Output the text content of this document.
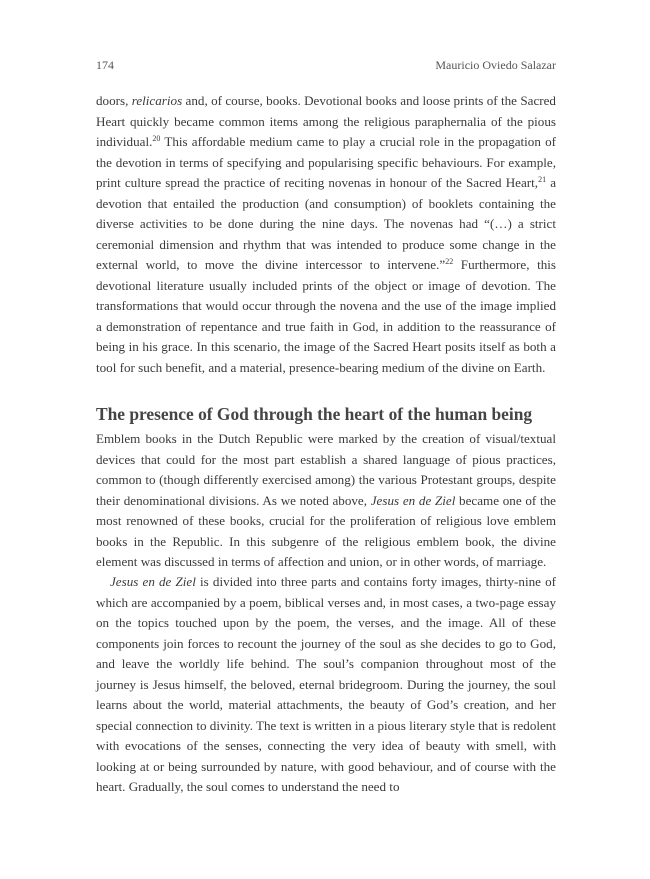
174	Mauricio Oviedo Salazar

doors, relicarios and, of course, books. Devotional books and loose prints of the Sacred Heart quickly became common items among the religious paraphernalia of the pious individual.$^{20}$ This affordable medium came to play a crucial role in the propagation of the devotion in terms of specifying and popularising specific behaviours. For example, print culture spread the practice of reciting novenas in honour of the Sacred Heart,$^{21}$ a devotion that entailed the production (and consumption) of booklets containing the diverse activities to be done during the nine days. The novenas had “(…) a strict ceremonial dimension and rhythm that was intended to produce some change in the external world, to move the divine intercessor to intervene.”$^{22}$ Furthermore, this devotional literature usually included prints of the object or image of devotion. The transformations that would occur through the novena and the use of the image implied a demonstration of repentance and true faith in God, in addition to the reassurance of being in his grace. In this scenario, the image of the Sacred Heart posits itself as both a tool for such benefit, and a material, presence-bearing medium of the divine on Earth.

The presence of God through the heart of the human being

Emblem books in the Dutch Republic were marked by the creation of visual/textual devices that could for the most part establish a shared language of pious practices, common to (though differently exercised among) the various Protestant groups, despite their denominational divisions. As we noted above, Jesus en de Ziel became one of the most renowned of these books, crucial for the proliferation of religious love emblem books in the Republic. In this subgenre of the religious emblem book, the divine element was discussed in terms of affection and union, or in other words, of marriage.

Jesus en de Ziel is divided into three parts and contains forty images, thirty-nine of which are accompanied by a poem, biblical verses and, in most cases, a two-page essay on the topics touched upon by the poem, the verses, and the image. All of these components join forces to recount the journey of the soul as she decides to go to God, and leave the worldly life behind. The soul’s companion throughout most of the journey is Jesus himself, the beloved, eternal bridegroom. During the journey, the soul learns about the world, material attachments, the beauty of God’s creation, and her special connection to divinity. The text is written in a pious literary style that is redolent with evocations of the senses, connecting the very idea of beauty with smell, with looking at or being surrounded by nature, with good behaviour, and of course with the heart. Gradually, the soul comes to understand the need to
